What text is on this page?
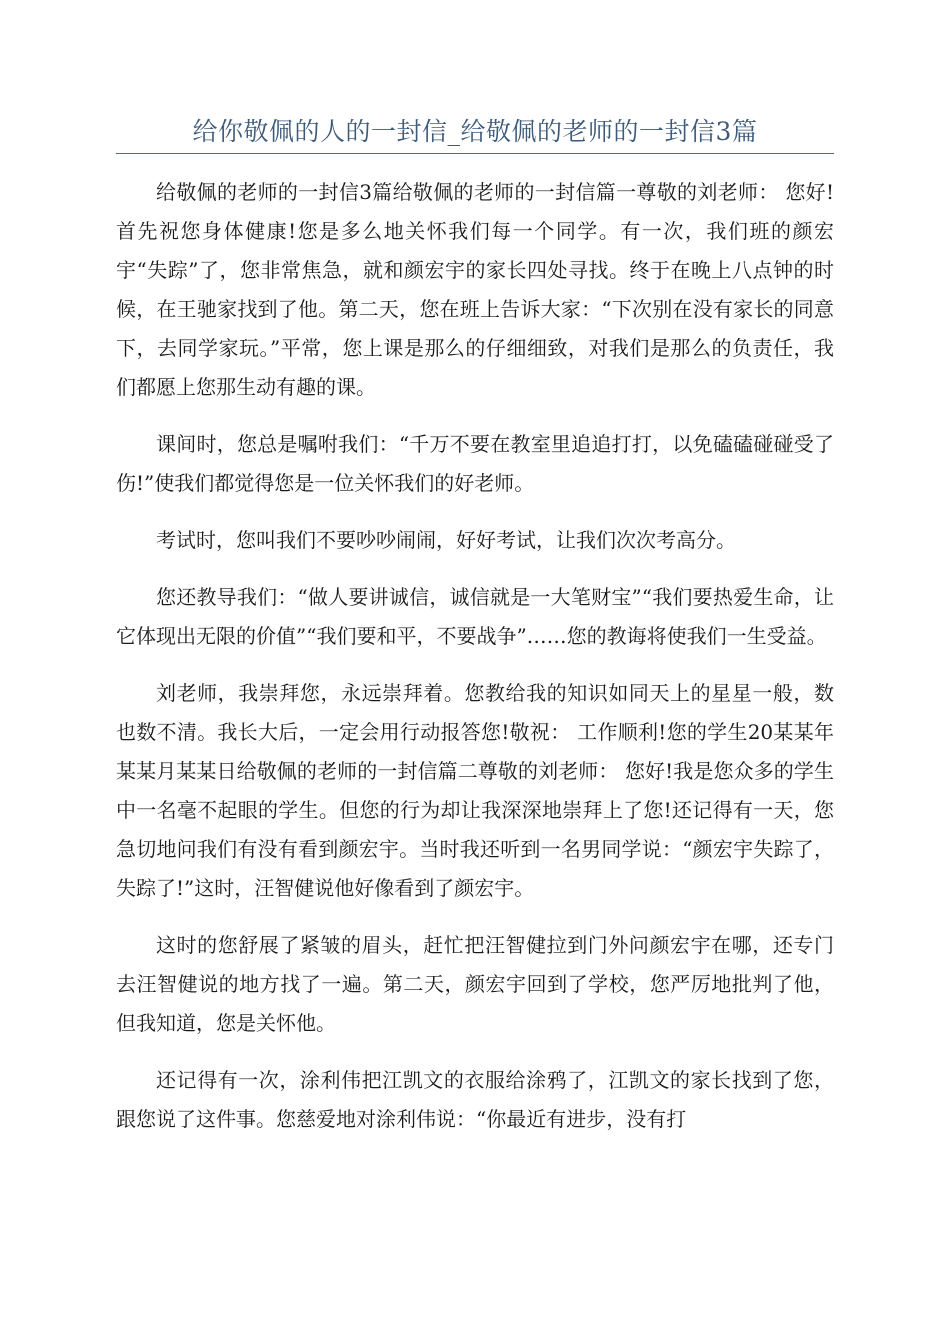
给你敬佩的人的一封信_给敬佩的老师的一封信3篇

给敬佩的老师的一封信3篇给敬佩的老师的一封信篇一尊敬的刘老师： 您好!首先祝您身体健康!您是多么地关怀我们每一个同学。有一次，我们班的颜宏宇“失踪”了，您非常焦急，就和颜宏宇的家长四处寻找。终于在晚上八点钟的时候，在王驰家找到了他。第二天，您在班上告诉大家：“下次别在没有家长的同意下，去同学家玩。”平常，您上课是那么的仔细细致，对我们是那么的负责任，我们都愿上您那生动有趣的课。

课间时，您总是嘱咐我们：“千万不要在教室里追追打打，以免磕磕碰碰受了伤!”使我们都觉得您是一位关怀我们的好老师。

考试时，您叫我们不要吵吵闹闹，好好考试，让我们次次考高分。

您还教导我们：“做人要讲诚信，诚信就是一大笔财宝”“我们要热爱生命，让它体现出无限的价值”“我们要和平，不要战争”……您的教诲将使我们一生受益。

刘老师，我崇拜您，永远崇拜着。您教给我的知识如同天上的星星一般，数也数不清。我长大后，一定会用行动报答您!敬祝： 工作顺利!您的学生20某某年某某月某某日给敬佩的老师的一封信篇二尊敬的刘老师： 您好!我是您众多的学生中一名毫不起眼的学生。但您的行为却让我深深地崇拜上了您!还记得有一天，您急切地问我们有没有看到颜宏宇。当时我还听到一名男同学说：“颜宏宇失踪了，失踪了!”这时，汪智健说他好像看到了颜宏宇。

这时的您舒展了紧皱的眉头，赶忙把汪智健拉到门外问颜宏宇在哪，还专门去汪智健说的地方找了一遍。第二天，颜宏宇回到了学校，您严厉地批判了他，但我知道，您是关怀他。

还记得有一次，涂利伟把江凯文的衣服给涂鸦了，江凯文的家长找到了您，跟您说了这件事。您慈爱地对涂利伟说：“你最近有进步，没有打
